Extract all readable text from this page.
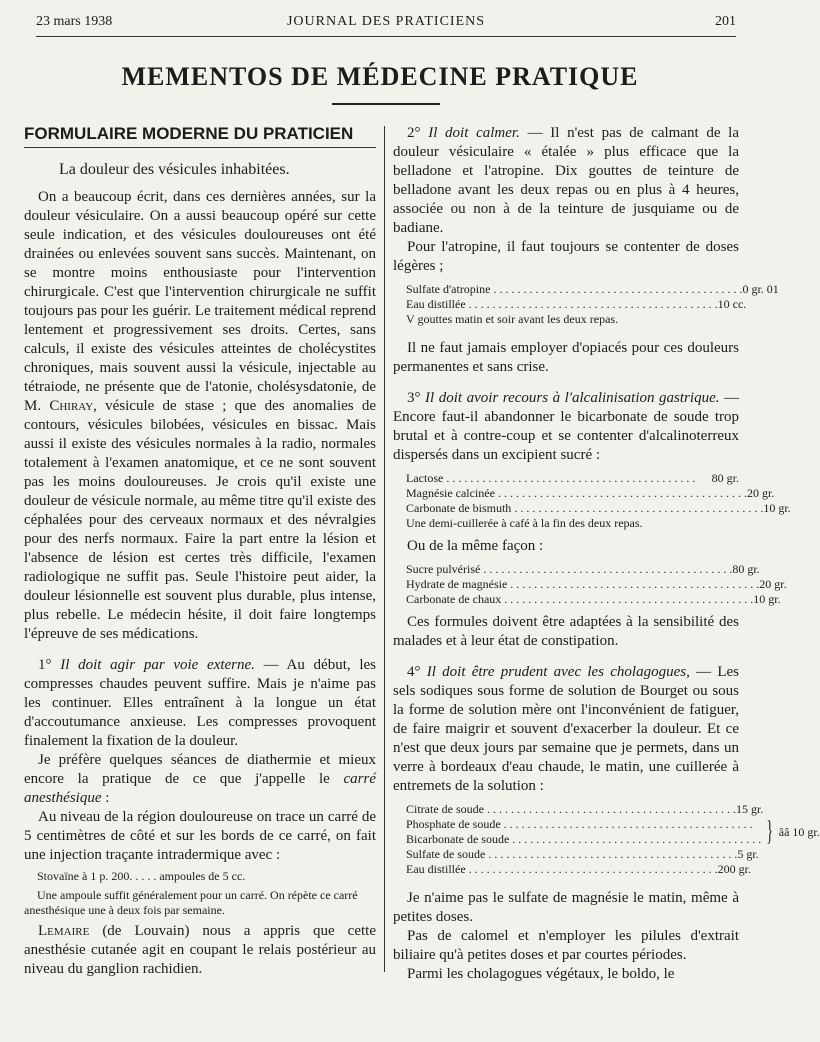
23 mars 1938	JOURNAL DES PRATICIENS	201
MEMENTOS DE MÉDECINE PRATIQUE
FORMULAIRE MODERNE DU PRATICIEN
La douleur des vésicules inhabitées.

On a beaucoup écrit, dans ces dernières années, sur la douleur vésiculaire. On a aussi beaucoup opéré sur cette seule indication, et des vésicules douloureuses ont été drainées ou enlevées souvent sans succès. Maintenant, on se montre moins enthousiaste pour l'intervention chirurgicale. C'est que l'intervention chirurgicale ne suffit toujours pas pour les guérir. Le traitement médical reprend lentement et progressivement ses droits. Certes, sans calculs, il existe des vésicules atteintes de cholécystites chroniques, mais souvent aussi la vésicule, injectable au tétraiode, ne présente que de l'atonie, cholésysdatonie, de M. Chiray, vésicule de stase ; que des anomalies de contours, vésicules bilobées, vésicules en bissac. Mais aussi il existe des vésicules normales à la radio, normales totalement à l'examen anatomique, et ce ne sont souvent pas les moins douloureuses. Je crois qu'il existe une douleur de vésicule normale, au même titre qu'il existe des céphalées pour des cerveaux normaux et des névralgies pour des nerfs normaux. Faire la part entre la lésion et l'absence de lésion est certes très difficile, l'examen radiologique ne suffit pas. Seule l'histoire peut aider, la douleur lésionnelle est souvent plus durable, plus intense, plus rebelle. Le médecin hésite, il doit faire longtemps l'épreuve de ses médications.

1° Il doit agir par voie externe. — Au début, les compresses chaudes peuvent suffire. Mais je n'aime pas les continuer. Elles entraînent à la longue un état d'accoutumance anxieuse. Les compresses provoquent finalement la fixation de la douleur.

Je préfère quelques séances de diathermie et mieux encore la pratique de ce que j'appelle le carré anesthésique :

Au niveau de la région douloureuse on trace un carré de 5 centimètres de côté et sur les bords de ce carré, on fait une injection traçante intradermique avec :

Stovaïne à 1 p. 200. . . . . ampoules de 5 cc.
Une ampoule suffit généralement pour un carré. On répète ce carré anesthésique une à deux fois par semaine.

Lemaire (de Louvain) nous a appris que cette anesthésie cutanée agit en coupant le relais postérieur au niveau du ganglion rachidien.

2° Il doit calmer. — Il n'est pas de calmant de la douleur vésiculaire « étalée » plus efficace que la belladone et l'atropine. Dix gouttes de teinture de belladone avant les deux repas ou en plus à 4 heures, associée ou non à de la teinture de jusquiame ou de badiane.

Pour l'atropine, il faut toujours se contenter de doses légères ;

Sulfate d'atropine . . .	0 gr. 01
Eau distillée . . .	10 cc.
V gouttes matin et soir avant les deux repas.

Il ne faut jamais employer d'opiacés pour ces douleurs permanentes et sans crise.

3° Il doit avoir recours à l'alcalinisation gastrique. — Encore faut-il abandonner le bicarbonate de soude trop brutal et à contre-coup et se contenter d'alcalinoterreux dispersés dans un excipient sucré :

Lactose . . .	80 gr.
Magnésie calcinée . . .	20 gr.
Carbonate de bismuth . . .	10 gr.
Une demi-cuillerée à café à la fin des deux repas.

Ou de la même façon :

Sucre pulvérisé . . .	80 gr.
Hydrate de magnésie . . .	20 gr.
Carbonate de chaux . . .	10 gr.

Ces formules doivent être adaptées à la sensibilité des malades et à leur état de constipation.

4° Il doit être prudent avec les cholagogues, — Les sels sodiques sous forme de solution de Bourget ou sous la forme de solution mère ont l'inconvénient de fatiguer, de faire maigrir et souvent d'exacerber la douleur. Et ce n'est que deux jours par semaine que je permets, dans un verre à bordeaux d'eau chaude, le matin, une cuillerée à entremets de la solution :

Citrate de soude . . .	15 gr.
Phosphate de soude . . .
Bicarbonate de soude . . .	} ââ 10 gr.
Sulfate de soude . . .	5 gr.
Eau distillée . . .	200 gr.

Je n'aime pas le sulfate de magnésie le matin, même à petites doses.

Pas de calomel et n'employer les pilules d'extrait biliaire qu'à petites doses et par courtes périodes.

Parmi les cholagogues végétaux, le boldo, le
